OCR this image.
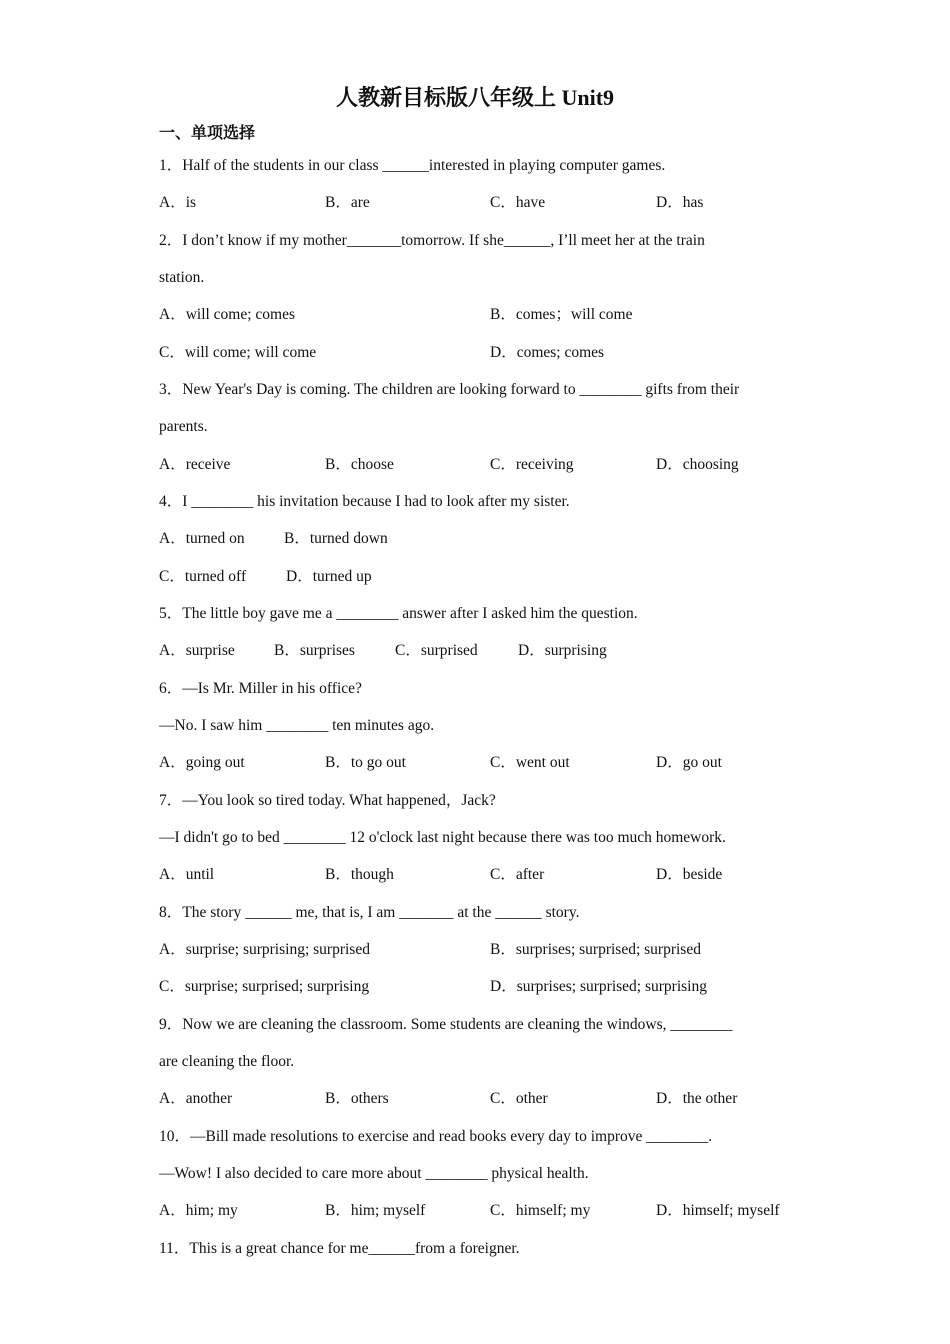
人教新目标版八年级上 Unit9
一、单项选择
1．Half of the students in our class ______interested in playing computer games.
A．is	B．are	C．have	D．has
2．I don’t know if my mother_______tomorrow. If she______, I’ll meet her at the train
station.
A．will come; comes	B．comes；will come
C．will come; will come	D．comes; comes
3．New Year's Day is coming. The children are looking forward to ________ gifts from their
parents.
A．receive	B．choose	C．receiving	D．choosing
4．I ________ his invitation because I had to look after my sister.
A．turned on	B．turned down
C．turned off	D．turned up
5．The little boy gave me a ________ answer after I asked him the question.
A．surprise	B．surprises	C．surprised	D．surprising
6．—Is Mr. Miller in his office?
—No. I saw him ________ ten minutes ago.
A．going out	B．to go out	C．went out	D．go out
7．—You look so tired today. What happened，Jack?
—I didn't go to bed ________ 12 o'clock last night because there was too much homework.
A．until	B．though	C．after	D．beside
8．The story ______ me, that is, I am _______ at the ______ story.
A．surprise; surprising; surprised	B．surprises; surprised; surprised
C．surprise; surprised; surprising	D．surprises; surprised; surprising
9．Now we are cleaning the classroom. Some students are cleaning the windows, ________
are cleaning the floor.
A．another	B．others	C．other	D．the other
10．—Bill made resolutions to exercise and read books every day to improve ________.
—Wow! I also decided to care more about ________ physical health.
A．him; my	B．him; myself	C．himself; my	D．himself; myself
11．This is a great chance for me______from a foreigner.
